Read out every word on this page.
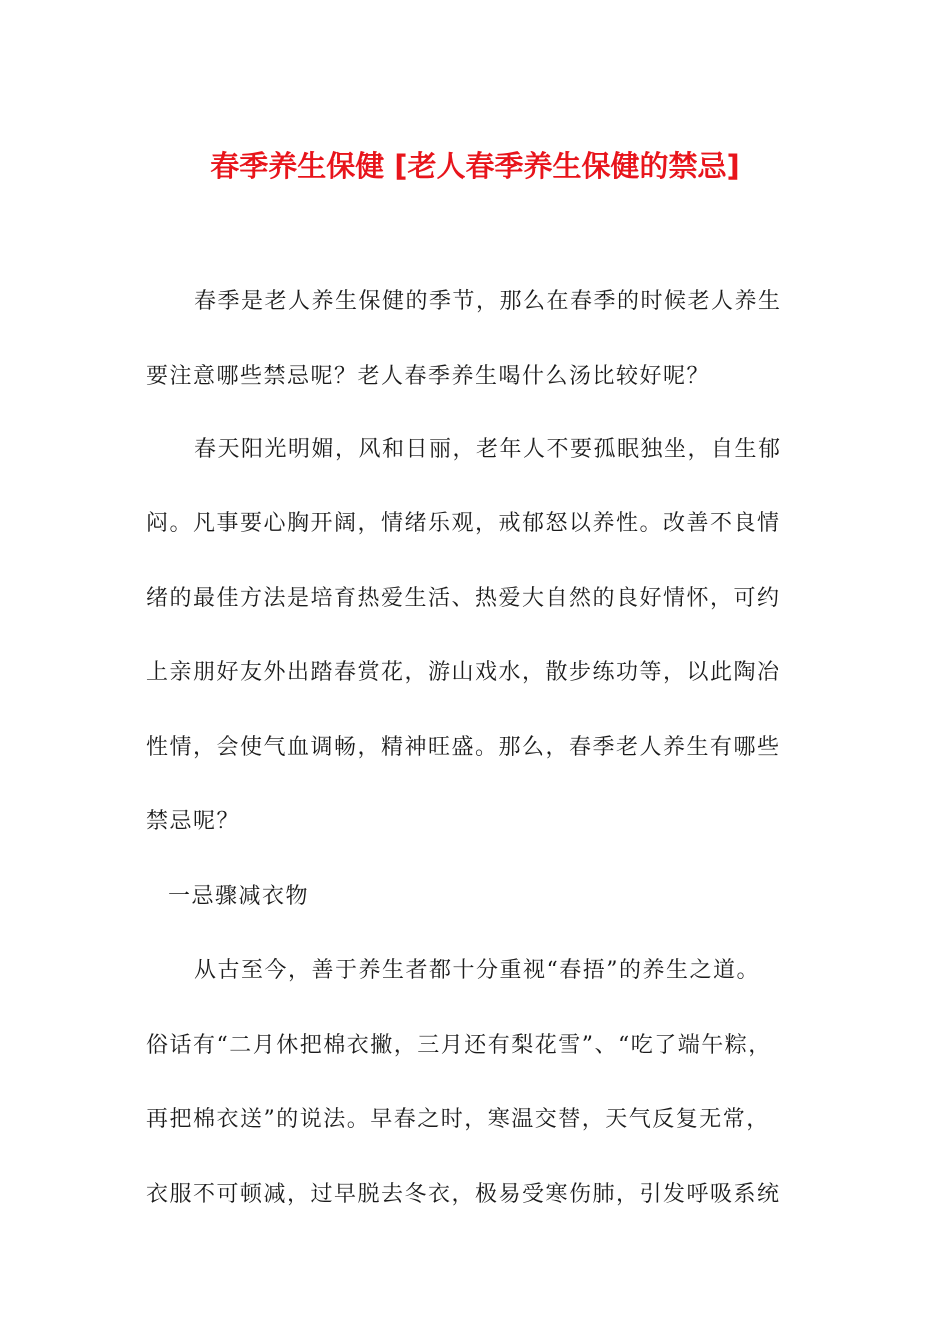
春季养生保健 [老人春季养生保健的禁忌]
春季是老人养生保健的季节，那么在春季的时候老人养生
要注意哪些禁忌呢？老人春季养生喝什么汤比较好呢？
春天阳光明媚，风和日丽，老年人不要孤眠独坐，自生郁
闷。凡事要心胸开阔，情绪乐观，戒郁怒以养性。改善不良情
绪的最佳方法是培育热爱生活、热爱大自然的良好情怀，可约
上亲朋好友外出踏春赏花，游山戏水，散步练功等，以此陶冶
性情，会使气血调畅，精神旺盛。那么，春季老人养生有哪些
禁忌呢？
一忌骤减衣物
从古至今，善于养生者都十分重视“春捂”的养生之道。
俗话有“二月休把棉衣撇，三月还有梨花雪”、“吃了端午粽，
再把棉衣送”的说法。早春之时，寒温交替，天气反复无常，
衣服不可顿减，过早脱去冬衣，极易受寒伤肺，引发呼吸系统
